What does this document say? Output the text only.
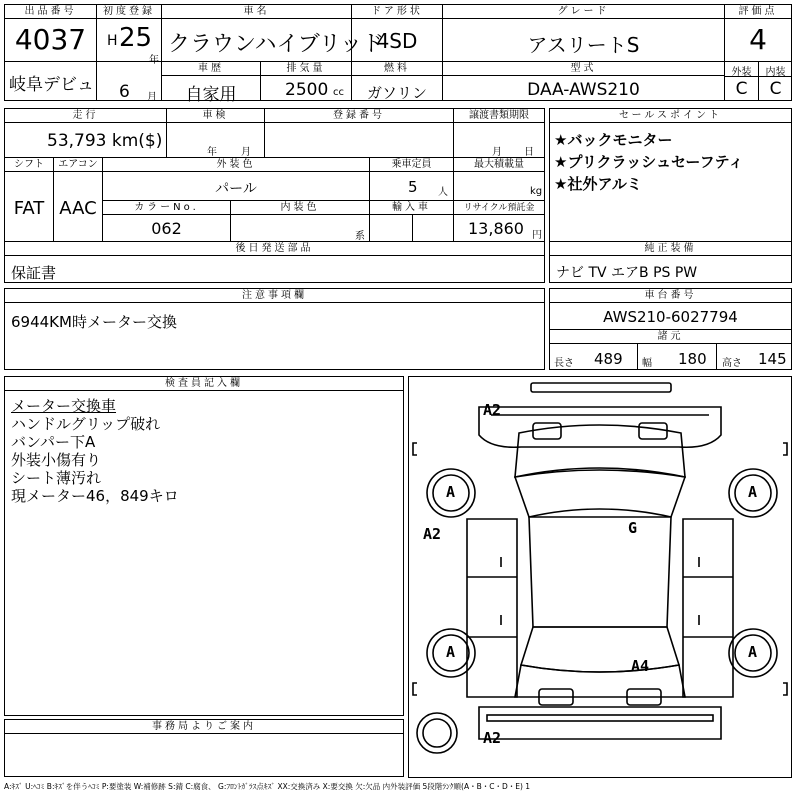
出品番号
4037
岐阜デビュ
初度登録
H 25
年
6 月
車名
クラウンハイブリッド
ドア形状
4SD
グレード
アスリートS
評価点
4
車歴
自家用
排気量
2500 cc
燃料
ガソリン
型式
DAA-AWS210
外装	内装
C	C
走行
53,793 km($)
車検
年 月
登録番号	譲渡書類期限
月 日
シフト
FAT
エアコン
AAC
外装色
パール
乗車定員
5 人
最大積載量
kg
カラーNo.
062
内装色
系
輸入車	リサイクル預託金
13,860 円
後日発送部品
保証書
セールスポイント
★バックモニター
★プリクラッシュセーフティ
★社外アルミ
純正装備
ナビ TV エアB PS PW
注意事項欄
6944KM時メーター交換
車台番号
AWS210-6027794
諸元
長さ 489 幅 180 高さ 145
検査員記入欄
メーター交換車
ハンドルグリップ破れ
バンパー下A
外装小傷有り
シート薄汚れ
現メーター46，849キロ
事務局よりご案内
A2
A2
A2
A	A
A	A
G
A4
A:ｷｽﾞ U:ﾍｺﾐ B:ｷｽﾞを伴うﾍｺﾐ P:要塗装 W:補修跡 S:錆 C:腐食、 G:ﾌﾛﾝﾄｶﾞﾗｽ点ｷｽﾞ XX:交換済み X:要交換 欠:欠品 内外装評価 5段階ﾗﾝｸ順(A・B・C・D・E) 1
